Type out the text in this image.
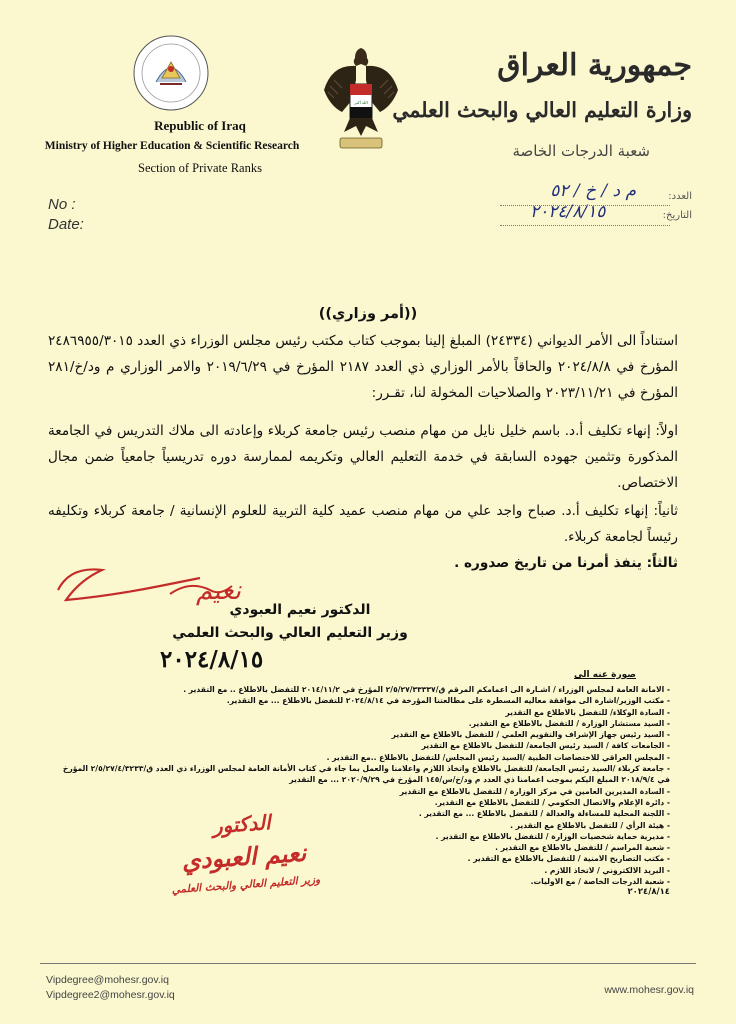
Republic of Iraq
Ministry of Higher Education & Scientific Research
Section of Private Ranks
الله أكبر
جمهورية العراق
وزارة التعليم العالي والبحث العلمي
شعبة الدرجات الخاصة
No :
Date:
العدد:
التاريخ:
م د / خ / ٥٢
٢٠٢٤/٨/١٥
((أمر وزاري))

استناداً الى الأمر الديواني (٢٤٣٣٤) المبلغ إلينا بموجب كتاب مكتب رئيس مجلس الوزراء ذي العدد ٢٤٨٦٩٥٥/٣٠١٥ المؤرخ في ٢٠٢٤/٨/٨ والحاقاً بالأمر الوزاري ذي العدد ٢١٨٧ المؤرخ في ٢٠١٩/٦/٢٩ والامر الوزاري م ود/خ/٢٨١ المؤرخ في ٢٠٢٣/١١/٢١ والصلاحيات المخولة لنا، تقـرر:

اولاً: إنهاء تكليف أ.د. باسم خليل نايل من مهام منصب رئيس جامعة كربلاء وإعادته الى ملاك التدريس في الجامعة المذكورة وتثمين جهوده السابقة في خدمة التعليم العالي وتكريمه لممارسة دوره تدريسياً جامعياً ضمن مجال الاختصاص.

ثانياً: إنهاء تكليف أ.د. صباح واجد علي من مهام منصب عميد كلية التربية للعلوم الإنسانية / جامعة كربلاء وتكليفه رئيساً لجامعة كربلاء.

ثالثاً: ينفذ أمرنا من تاريخ صدوره .

نعيم
الدكتور نعيم العبودي
وزير التعليم العالي والبحث العلمي
٢٠٢٤/٨/١٥
صورة عنه الى
- الامانة العامة لمجلس الوزراء / اشـارة الى اعمامكم المرقم ق/٢/٥/٢٧/٣٣٣٣٧ المؤرخ في ٢٠١٤/١١/٢ للتفضل بالاطلاع .. مع التقدير .
- مكتب الوزير/اشارة الى موافقة معاليه المسطرة على مطالعتنا المؤرخة في ٢٠٢٤/٨/١٤ للتفضل بالاطلاع ... مع التقدير.
- السادة الوكلاء/ للتفضل بالاطلاع مع التقدير
- السيد مستشار الوزارة / للتفضل بالاطلاع مع التقدير.
- السيد رئيس جهاز الإشراف والتقويم العلمي / للتفضل بالاطلاع مع التقدير
- الجامعات كافة / السيد رئيس الجامعة/ للتفضل بالاطلاع مع التقدير
- المجلس العراقي للاختصاصات الطبية /السيد رئيس المجلس/ للتفضل بالاطلاع ..مع التقدير .
- جامعة كربلاء /السيد رئيس الجامعة/ للتفضل بالاطلاع واتخاذ اللازم واعلامنا والعمل بما جاء في كتاب الأمانة العامة لمجلس الوزراء ذي العدد ق/٢/٥/٢٧/٤/٣٢٣٣ المؤرخ في ٢٠١٨/٩/٤ المبلغ اليكم بموجب اعمامنا ذي العدد م ود/خ/س/١٤٥ المؤرخ في ٢٠٢٠/٩/٢٩ ... مع التقدير
- السادة المديرين العامين في مركز الوزارة / للتفضل بالاطلاع مع التقدير
- دائرة الإعلام والاتصال الحكومي / للتفضل بالاطلاع مع التقدير.
- اللجنة المحلية للمساءلة والعدالة / للتفضل بالاطلاع ... مع التقدير .
- هيئة الرأي / للتفضل بالاطلاع مع التقدير .
- مديرية حماية شخصيات الوزارة / للتفضل بالاطلاع مع التقدير .
- شعبة المراسم / للتفضل بالاطلاع مع التقدير .
- مكتب التصاريح الامنية / للتفضل بالاطلاع مع التقدير .
- البريد الالكتروني / لاتخاذ اللازم .
- شعبة الدرجات الخاصة / مع الاوليات.
٢٠٢٤/٨/١٤
الدكتور
نعيم العبودي
وزير التعليم العالي والبحث العلمي
Vipdegree@mohesr.gov.iq
Vipdegree2@mohesr.gov.iq	www.mohesr.gov.iq
